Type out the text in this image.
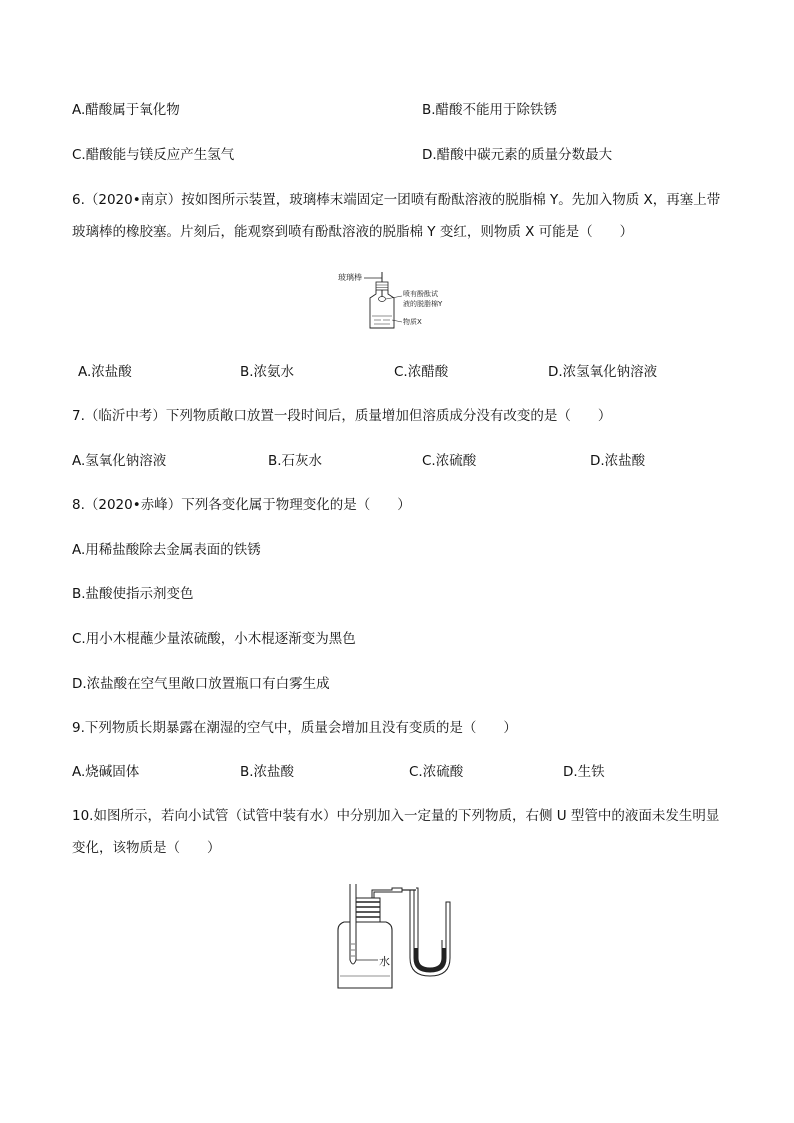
A.醋酸属于氧化物	B.醋酸不能用于除铁锈
C.醋酸能与镁反应产生氢气	D.醋酸中碳元素的质量分数最大
6.（2020•南京）按如图所示装置，玻璃棒末端固定一团喷有酚酞溶液的脱脂棉 Y。先加入物质 X，再塞上带玻璃棒的橡胶塞。片刻后，能观察到喷有酚酞溶液的脱脂棉 Y 变红，则物质 X 可能是（　　）
玻璃棒
喷有酚酞试
液的脱脂棉Y
物质X
A.浓盐酸	B.浓氨水	C.浓醋酸	D.浓氢氧化钠溶液
7.（临沂中考）下列物质敞口放置一段时间后，质量增加但溶质成分没有改变的是（　　）
A.氢氧化钠溶液	B.石灰水	C.浓硫酸	D.浓盐酸
8.（2020•赤峰）下列各变化属于物理变化的是（　　）
A.用稀盐酸除去金属表面的铁锈
B.盐酸使指示剂变色
C.用小木棍蘸少量浓硫酸，小木棍逐渐变为黑色
D.浓盐酸在空气里敞口放置瓶口有白雾生成
9.下列物质长期暴露在潮湿的空气中，质量会增加且没有变质的是（　　）
A.烧碱固体	B.浓盐酸	C.浓硫酸	D.生铁
10.如图所示，若向小试管（试管中装有水）中分别加入一定量的下列物质，右侧 U 型管中的液面未发生明显变化，该物质是（　　）
水
